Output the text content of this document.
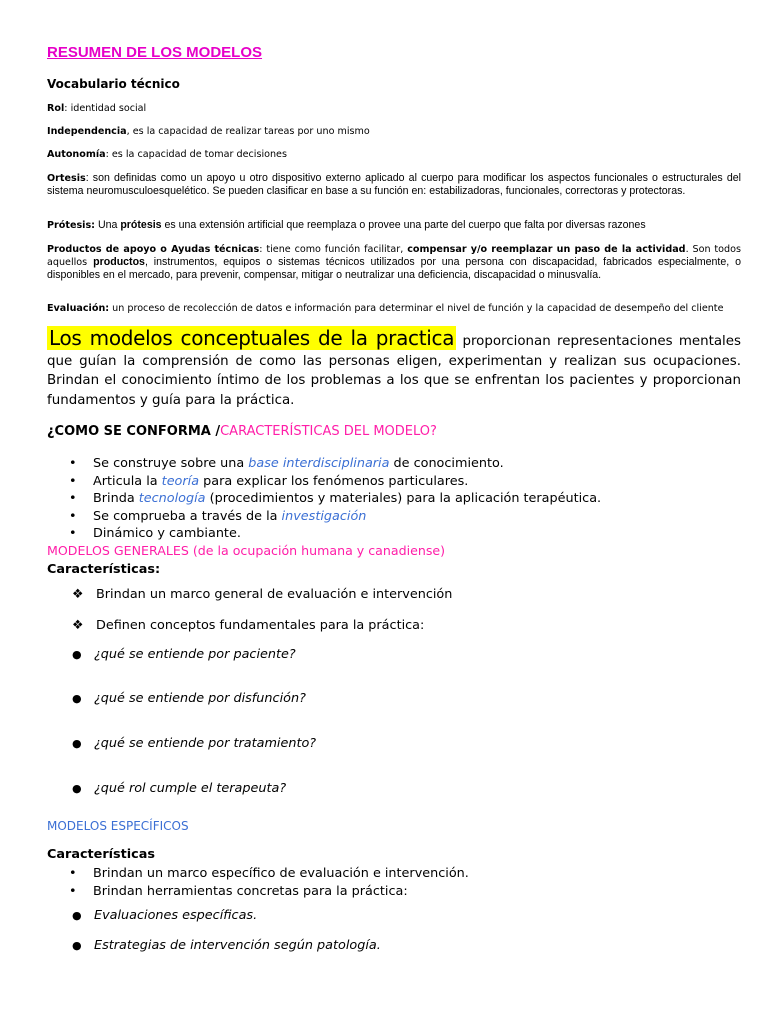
RESUMEN DE LOS MODELOS
Vocabulario técnico
Rol: identidad social
Independencia, es la capacidad de realizar tareas por uno mismo
Autonomía: es la capacidad de tomar decisiones
Ortesis: son definidas como un apoyo u otro dispositivo externo aplicado al cuerpo para modificar los aspectos funcionales o estructurales del sistema neuromusculoesquelético. Se pueden clasificar en base a su función en: estabilizadoras, funcionales, correctoras y protectoras.
Prótesis: Una prótesis es una extensión artificial que reemplaza o provee una parte del cuerpo que falta por diversas razones
Productos de apoyo o Ayudas técnicas: tiene como función facilitar, compensar y/o reemplazar un paso de la actividad. Son todos aquellos productos, instrumentos, equipos o sistemas técnicos utilizados por una persona con discapacidad, fabricados especialmente, o disponibles en el mercado, para prevenir, compensar, mitigar o neutralizar una deficiencia, discapacidad o minusvalía.
Evaluación: un proceso de recolección de datos e información para determinar el nivel de función y la capacidad de desempeño del cliente
Los modelos conceptuales de la practica proporcionan representaciones mentales que guían la comprensión de como las personas eligen, experimentan y realizan sus ocupaciones. Brindan el conocimiento íntimo de los problemas a los que se enfrentan los pacientes y proporcionan fundamentos y guía para la práctica.
¿COMO SE CONFORMA /CARACTERÍSTICAS DEL MODELO?
• Se construye sobre una base interdisciplinaria de conocimiento.
• Articula la teoría para explicar los fenómenos particulares.
• Brinda tecnología (procedimientos y materiales) para la aplicación terapéutica.
• Se comprueba a través de la investigación
• Dinámico y cambiante.
MODELOS GENERALES (de la ocupación humana y canadiense)
Características:
❖ Brindan un marco general de evaluación e intervención
❖ Definen conceptos fundamentales para la práctica:
● ¿qué se entiende por paciente?
● ¿qué se entiende por disfunción?
● ¿qué se entiende por tratamiento?
● ¿qué rol cumple el terapeuta?
MODELOS ESPECÍFICOS
Características
• Brindan un marco específico de evaluación e intervención.
• Brindan herramientas concretas para la práctica:
● Evaluaciones específicas.
● Estrategias de intervención según patología.
